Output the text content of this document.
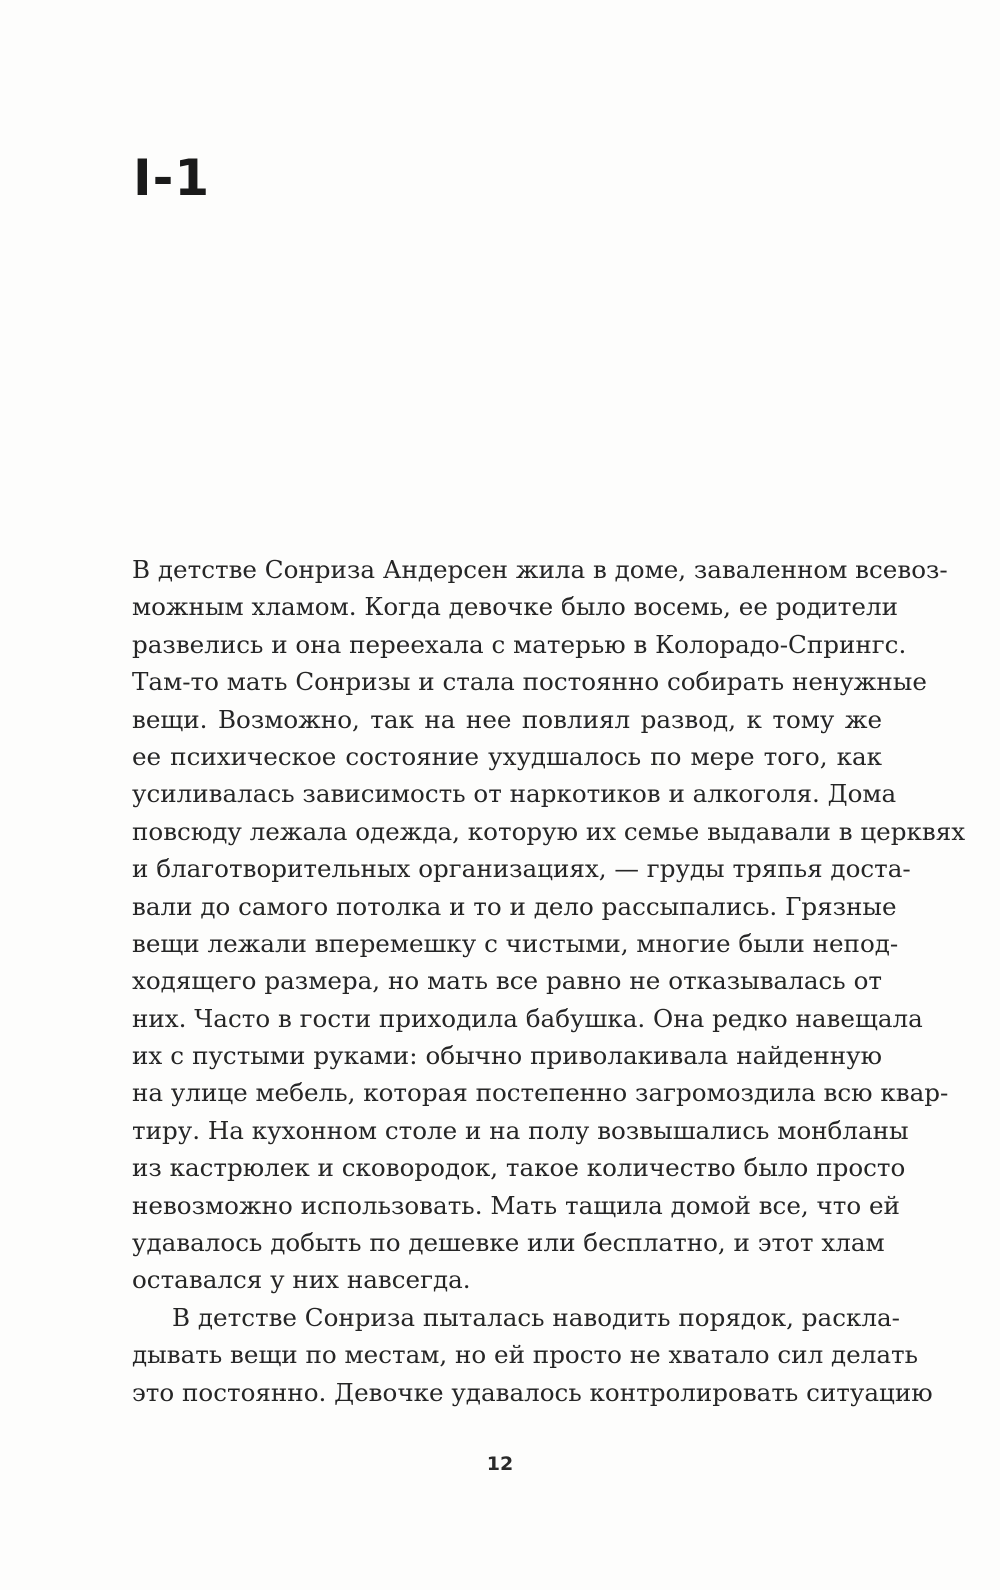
I-1

В детстве Сонриза Андерсен жила в доме, заваленном всевоз-
можным хламом. Когда девочке было восемь, ее родители
развелись и она переехала с матерью в Колорадо-Спрингс.
Там-то мать Сонризы и стала постоянно собирать ненужные
вещи. Возможно, так на нее повлиял развод, к тому же
ее психическое состояние ухудшалось по мере того, как
усиливалась зависимость от наркотиков и алкоголя. Дома
повсюду лежала одежда, которую их семье выдавали в церквях
и благотворительных организациях, — груды тряпья доста-
вали до самого потолка и то и дело рассыпались. Грязные
вещи лежали вперемешку с чистыми, многие были непод-
ходящего размера, но мать все равно не отказывалась от
них. Часто в гости приходила бабушка. Она редко навещала
их с пустыми руками: обычно приволакивала найденную
на улице мебель, которая постепенно загромоздила всю квар-
тиру. На кухонном столе и на полу возвышались монбланы
из кастрюлек и сковородок, такое количество было просто
невозможно использовать. Мать тащила домой все, что ей
удавалось добыть по дешевке или бесплатно, и этот хлам
оставался у них навсегда.

В детстве Сонриза пыталась наводить порядок, раскла-
дывать вещи по местам, но ей просто не хватало сил делать
это постоянно. Девочке удавалось контролировать ситуацию

12
